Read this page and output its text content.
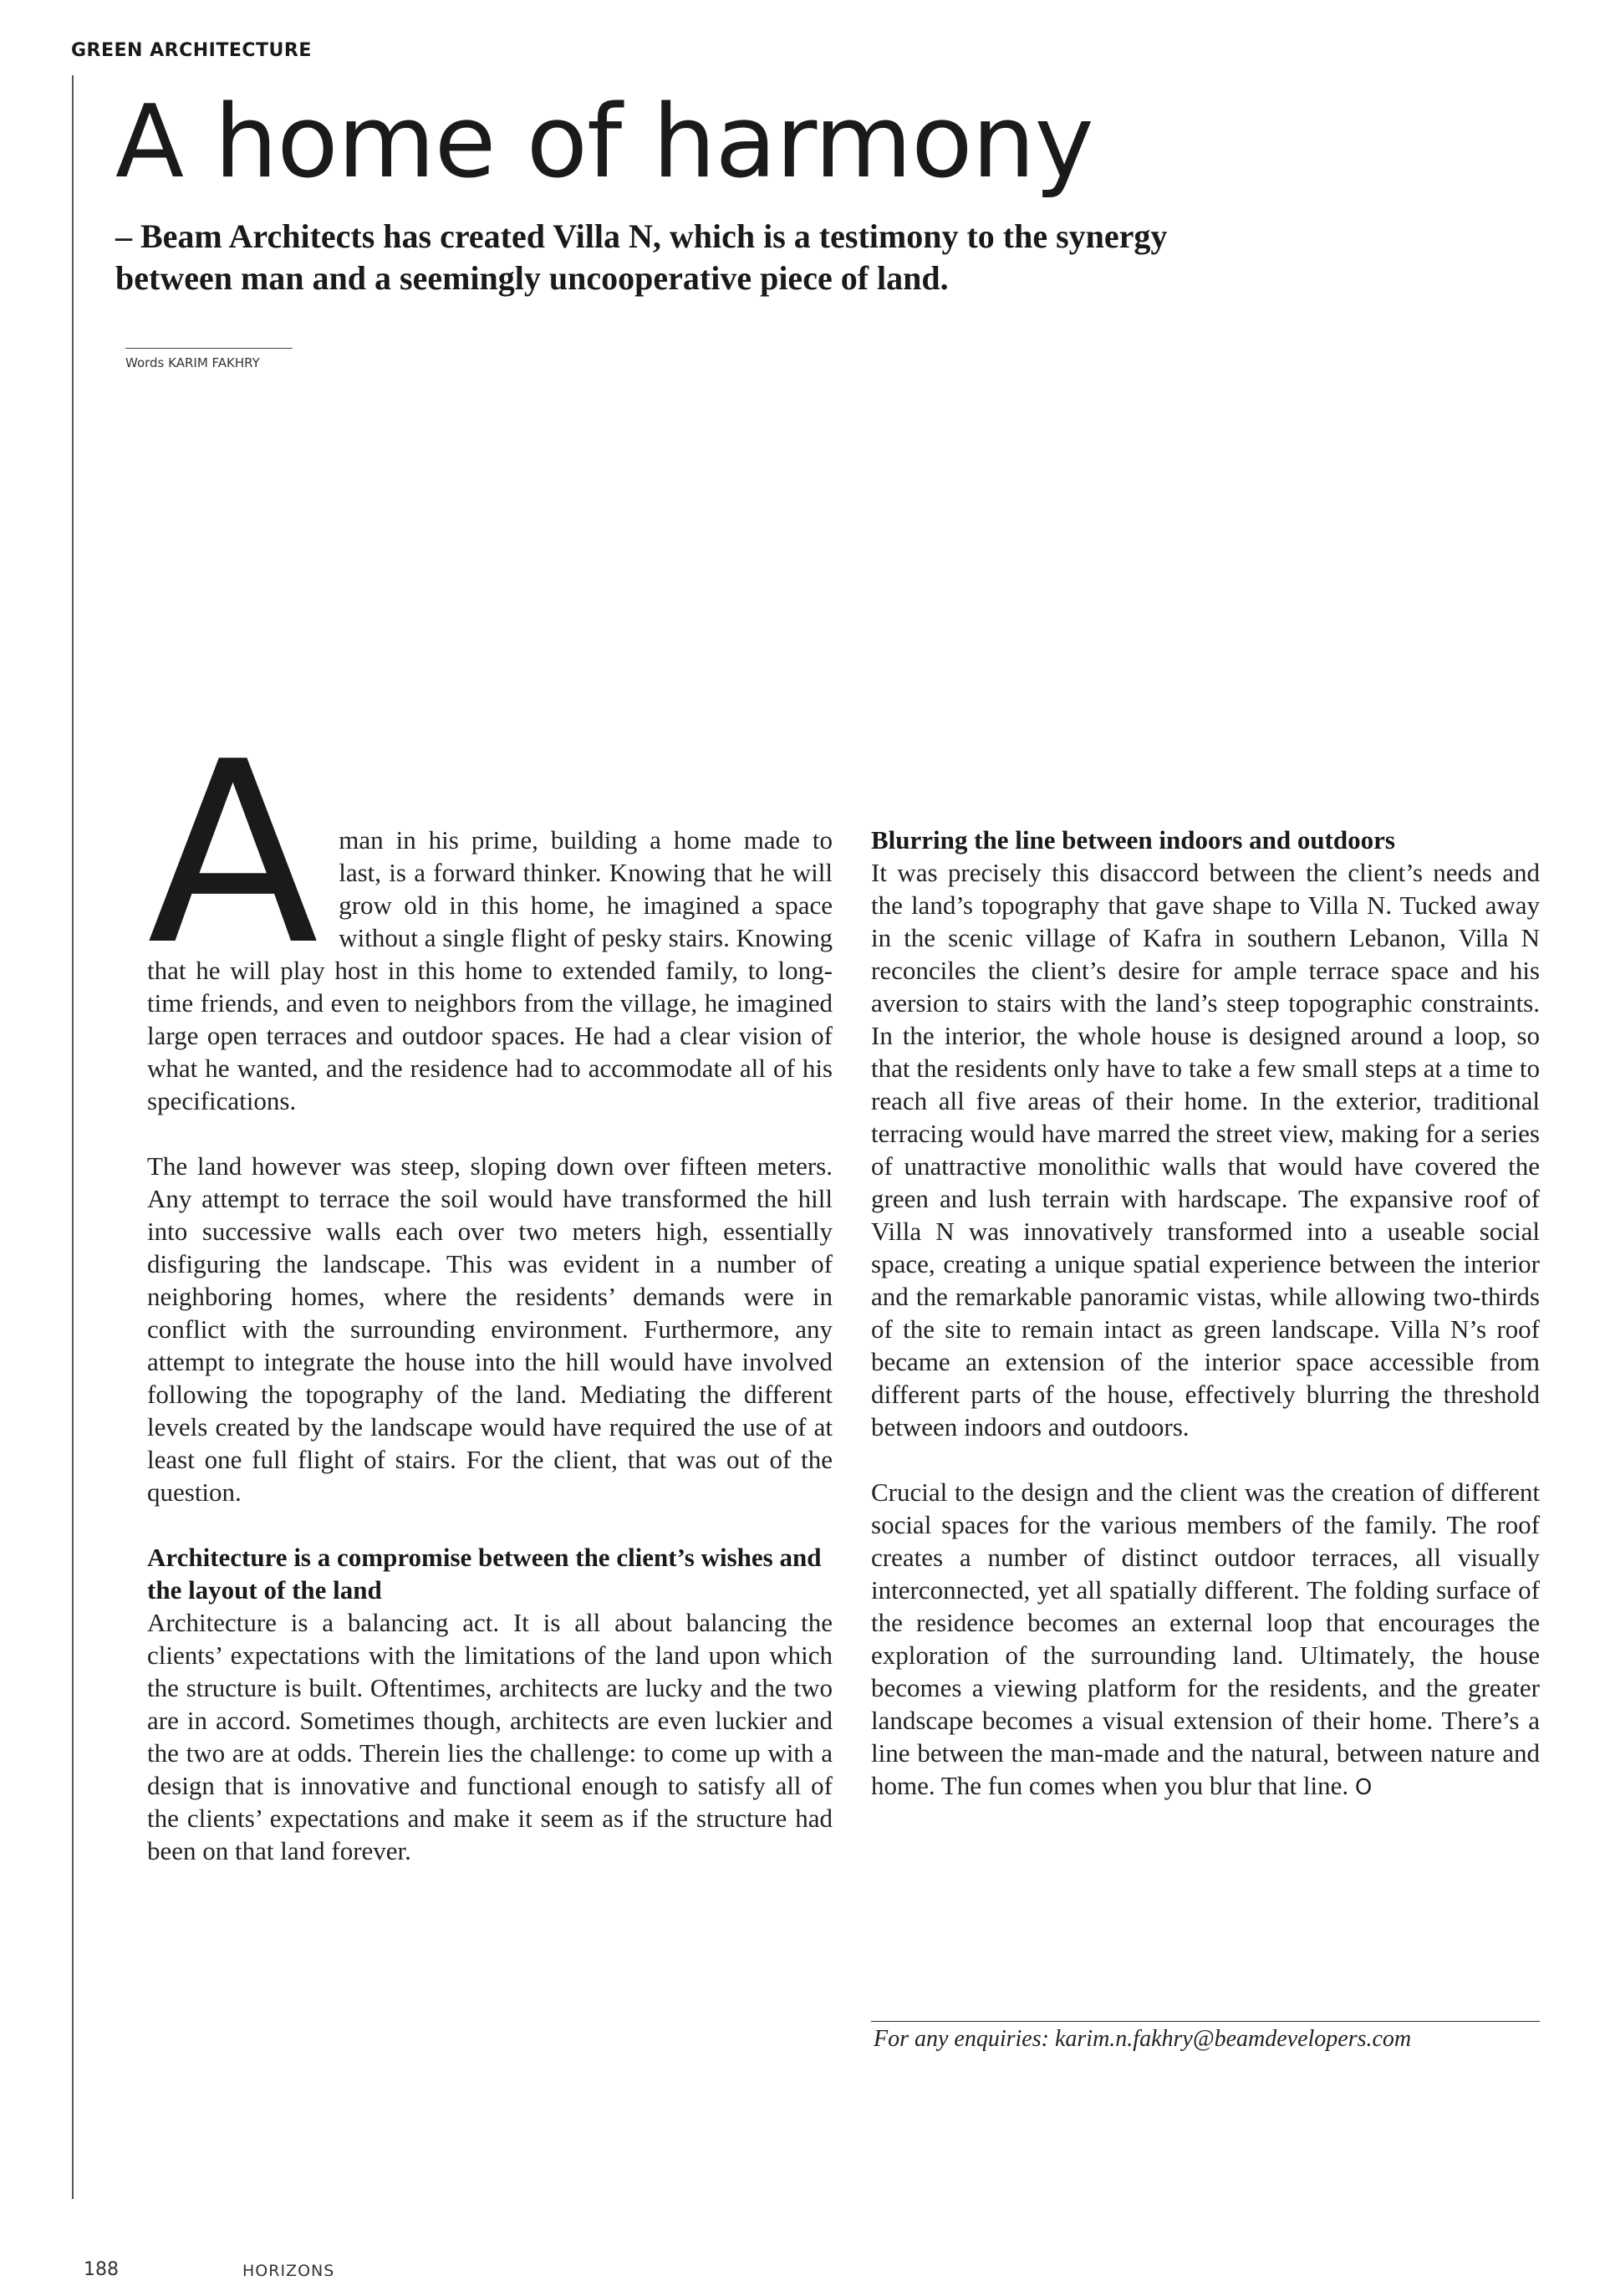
GREEN ARCHITECTURE
A home of harmony

– Beam Architects has created Villa N, which is a testimony to the synergy between man and a seemingly uncooperative piece of land.

Words KARIM FAKHRY

Aman in his prime, building a home made to last, is a forward thinker. Knowing that he will grow old in this home, he imagined a space without a single flight of pesky stairs. Knowing that he will play host in this home to extended family, to long-time friends, and even to neighbors from the village, he imagined large open terraces and outdoor spaces. He had a clear vision of what he wanted, and the residence had to accommodate all of his specifications.

The land however was steep, sloping down over fifteen meters. Any attempt to terrace the soil would have transformed the hill into successive walls each over two meters high, essentially disfiguring the landscape. This was evident in a number of neighboring homes, where the residents’ demands were in conflict with the surrounding environment. Furthermore, any attempt to integrate the house into the hill would have involved following the topography of the land. Mediating the different levels created by the landscape would have required the use of at least one full flight of stairs. For the client, that was out of the question.

Architecture is a compromise between the client’s wishes and the layout of the land

Architecture is a balancing act. It is all about balancing the clients’ expectations with the limitations of the land upon which the structure is built. Oftentimes, architects are lucky and the two are in accord. Sometimes though, architects are even luckier and the two are at odds. Therein lies the challenge: to come up with a design that is innovative and functional enough to satisfy all of the clients’ expectations and make it seem as if the structure had been on that land forever.

Blurring the line between indoors and outdoors

It was precisely this disaccord between the client’s needs and the land’s topography that gave shape to Villa N. Tucked away in the scenic village of Kafra in southern Lebanon, Villa N reconciles the client’s desire for ample terrace space and his aversion to stairs with the land’s steep topographic constraints. In the interior, the whole house is designed around a loop, so that the residents only have to take a few small steps at a time to reach all five areas of their home. In the exterior, traditional terracing would have marred the street view, making for a series of unattractive monolithic walls that would have covered the green and lush terrain with hardscape. The expansive roof of Villa N was innovatively transformed into a useable social space, creating a unique spatial experience between the interior and the remarkable panoramic vistas, while allowing two-thirds of the site to remain intact as green landscape. Villa N’s roof became an extension of the interior space accessible from different parts of the house, effectively blurring the threshold between indoors and outdoors.

Crucial to the design and the client was the creation of different social spaces for the various members of the family. The roof creates a number of distinct outdoor terraces, all visually interconnected, yet all spatially different. The folding surface of the residence becomes an external loop that encourages the exploration of the surrounding land. Ultimately, the house becomes a viewing platform for the residents, and the greater landscape becomes a visual extension of their home. There’s a line between the man-made and the natural, between nature and home. The fun comes when you blur that line. O

For any enquiries: karim.n.fakhry@beamdevelopers.com
188	HORIZONS
